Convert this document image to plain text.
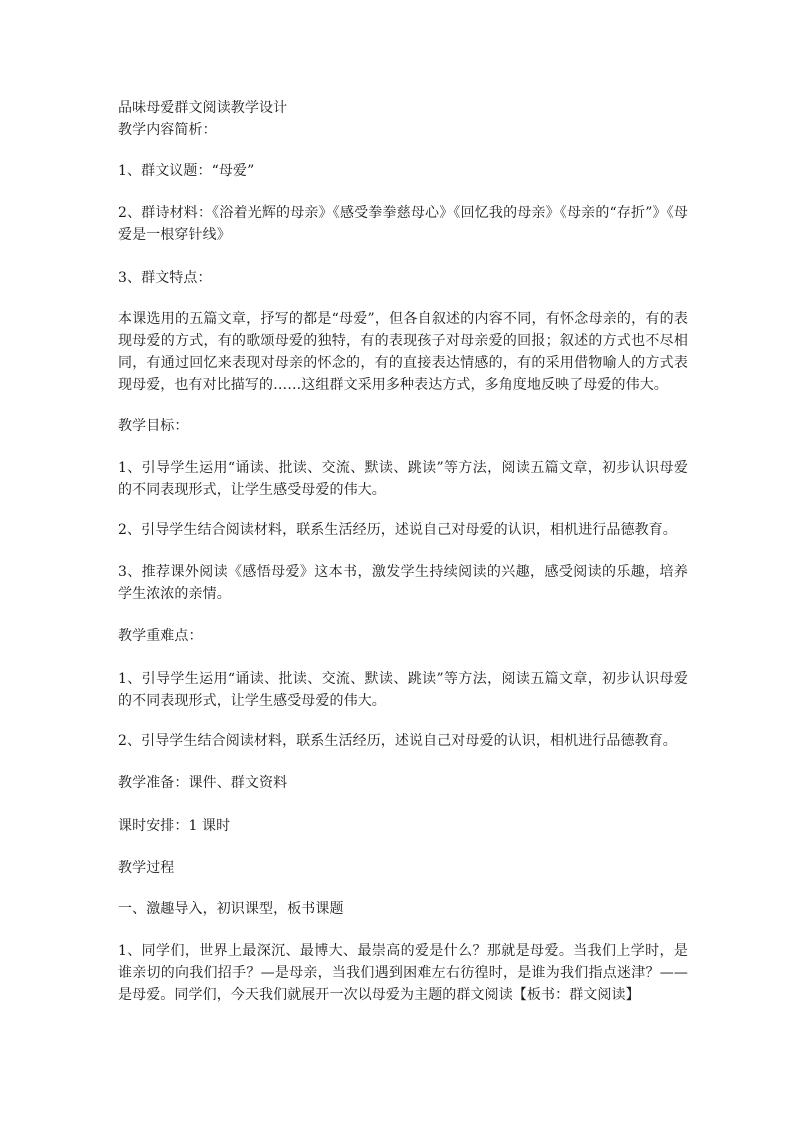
品味母爱群文阅读教学设计
教学内容简析：
1、群文议题：“母爱”
2、群诗材料：《浴着光辉的母亲》《感受拳拳慈母心》《回忆我的母亲》《母亲的“存折”》《母爱是一根穿针线》
3、群文特点：
本课选用的五篇文章，抒写的都是“母爱”，但各自叙述的内容不同，有怀念母亲的，有的表现母爱的方式，有的歌颂母爱的独特，有的表现孩子对母亲爱的回报；叙述的方式也不尽相同，有通过回忆来表现对母亲的怀念的，有的直接表达情感的，有的采用借物喻人的方式表现母爱，也有对比描写的……这组群文采用多种表达方式，多角度地反映了母爱的伟大。
教学目标：
1、引导学生运用“诵读、批读、交流、默读、跳读”等方法，阅读五篇文章，初步认识母爱的不同表现形式，让学生感受母爱的伟大。
2、引导学生结合阅读材料，联系生活经历，述说自己对母爱的认识，相机进行品德教育。
3、推荐课外阅读《感悟母爱》这本书，激发学生持续阅读的兴趣，感受阅读的乐趣，培养学生浓浓的亲情。
教学重难点：
1、引导学生运用“诵读、批读、交流、默读、跳读”等方法，阅读五篇文章，初步认识母爱的不同表现形式，让学生感受母爱的伟大。
2、引导学生结合阅读材料，联系生活经历，述说自己对母爱的认识，相机进行品德教育。
教学准备：课件、群文资料
课时安排：1 课时
教学过程
一、激趣导入，初识课型，板书课题
1、同学们，世界上最深沉、最博大、最崇高的爱是什么？那就是母爱。当我们上学时，是谁亲切的向我们招手？—是母亲，当我们遇到困难左右彷徨时，是谁为我们指点迷津？——是母爱。同学们，今天我们就展开一次以母爱为主题的群文阅读【板书：群文阅读】
